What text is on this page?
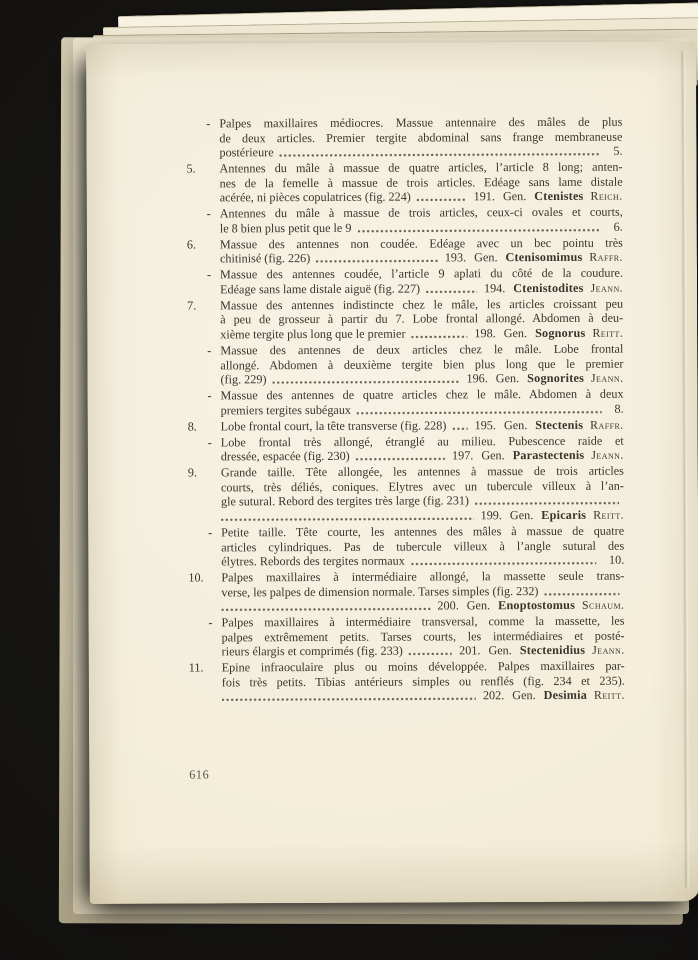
- Palpes maxillaires médiocres. Massue antennaire des mâles de plus
de deux articles. Premier tergite abdominal sans frange membraneuse
postérieure	5.
5.	Antennes du mâle à massue de quatre articles, l’article 8 long; anten-
nes de la femelle à massue de trois articles. Edéage sans lame distale
acérée, ni pièces copulatrices (fig. 224)	191. Gen. Ctenistes Reich.
- Antennes du mâle à massue de trois articles, ceux-ci ovales et courts,
le 8 bien plus petit que le 9	6.
6.	Massue des antennes non coudée. Edéage avec un bec pointu très
chitinisé (fig. 226)	193. Gen. Ctenisomimus Raffr.
- Massue des antennes coudée, l’article 9 aplati du côté de la coudure.
Edéage sans lame distale aiguë (fig. 227)	194. Ctenistodites Jeann.
7.	Massue des antennes indistincte chez le mâle, les articles croissant peu
à peu de grosseur à partir du 7. Lobe frontal allongé. Abdomen à deu-
xième tergite plus long que le premier	198. Gen. Sognorus Reitt.
- Massue des antennes de deux articles chez le mâle. Lobe frontal
allongé. Abdomen à deuxième tergite bien plus long que le premier
(fig. 229)	196. Gen. Sognorites Jeann.
- Massue des antennes de quatre articles chez le mâle. Abdomen à deux
premiers tergites subégaux	8.
8.	Lobe frontal court, la tête transverse (fig. 228) 195. Gen. Stectenis Raffr.
- Lobe frontal très allongé, étranglé au milieu. Pubescence raide et
dressée, espacée (fig. 230)	197. Gen. Parastectenis Jeann.
9.	Grande taille. Tête allongée, les antennes à massue de trois articles
courts, très déliés, coniques. Elytres avec un tubercule villeux à l’an-
gle sutural. Rebord des tergites très large (fig. 231)
199. Gen. Epicaris Reitt.
- Petite taille. Tête courte, les antennes des mâles à massue de quatre
articles cylindriques. Pas de tubercule villeux à l’angle sutural des
élytres. Rebords des tergites normaux	10.
10.	Palpes maxillaires à intermédiaire allongé, la massette seule trans-
verse, les palpes de dimension normale. Tarses simples (fig. 232)
200. Gen. Enoptostomus Schaum.
- Palpes maxillaires à intermédiaire transversal, comme la massette, les
palpes extrêmement petits. Tarses courts, les intermédiaires et posté-
rieurs élargis et comprimés (fig. 233)	201. Gen. Stectenidius Jeann.
11.	Epine infraoculaire plus ou moins développée. Palpes maxillaires par-
fois très petits. Tibias antérieurs simples ou renflés (fig. 234 et 235).
202. Gen. Desimia Reitt.
616
